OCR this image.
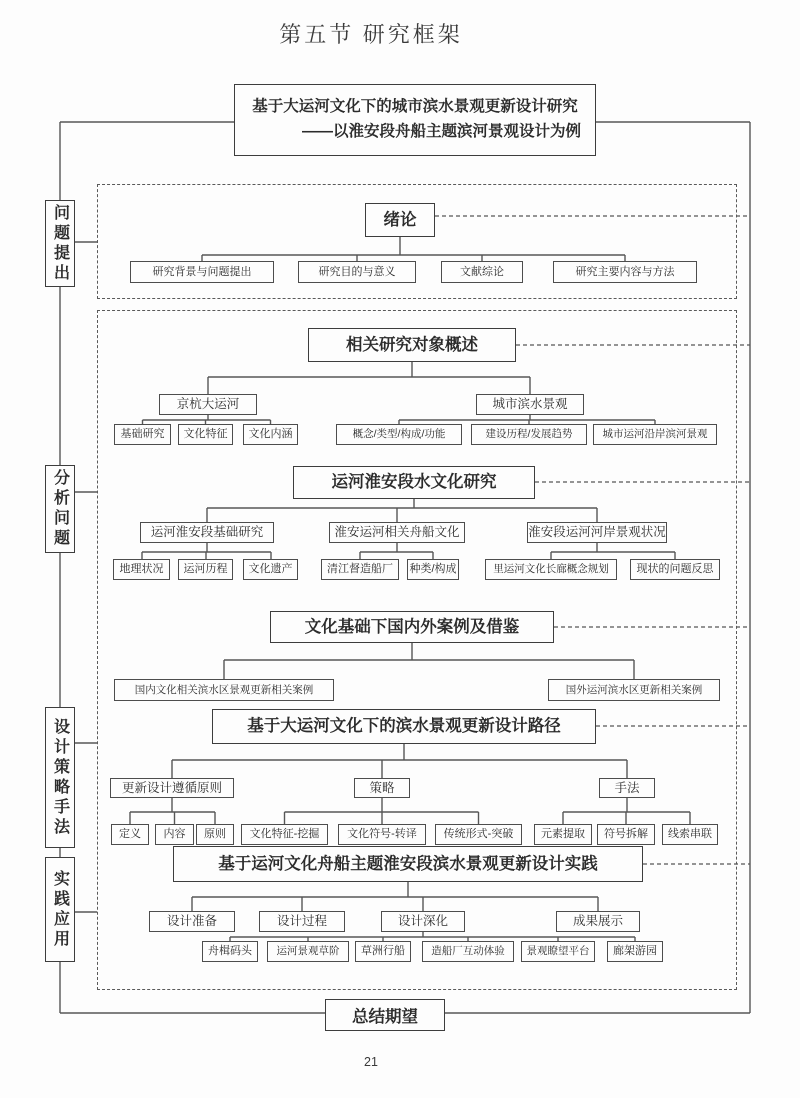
第五节 研究框架
基于大运河文化下的城市滨水景观更新设计研究
——以淮安段舟船主题滨河景观设计为例
问题提出
分析问题
设计策略手法
实践应用
总结期望
21
绪论
研究背景与问题提出	研究目的与意义	文献综论	研究主要内容与方法
相关研究对象概述
京杭大运河	城市滨水景观
基础研究	文化特征	文化内涵	概念/类型/构成/功能	建设历程/发展趋势	城市运河沿岸滨河景观
运河淮安段水文化研究
运河淮安段基础研究	淮安运河相关舟船文化	淮安段运河河岸景观状况
地理状况	运河历程	文化遗产	清江督造船厂	种类/构成	里运河文化长廊概念规划	现状的问题反思
文化基础下国内外案例及借鉴
国内文化相关滨水区景观更新相关案例	国外运河滨水区更新相关案例
基于大运河文化下的滨水景观更新设计路径
更新设计遵循原则	策略	手法
定义	内容	原则	文化特征-挖掘	文化符号-转译	传统形式-突破	元素提取	符号拆解	线索串联
基于运河文化舟船主题淮安段滨水景观更新设计实践
设计准备	设计过程	设计深化	成果展示
舟楫码头	运河景观草阶	草洲行船	造船厂互动体验	景观瞭望平台	廊架游园
